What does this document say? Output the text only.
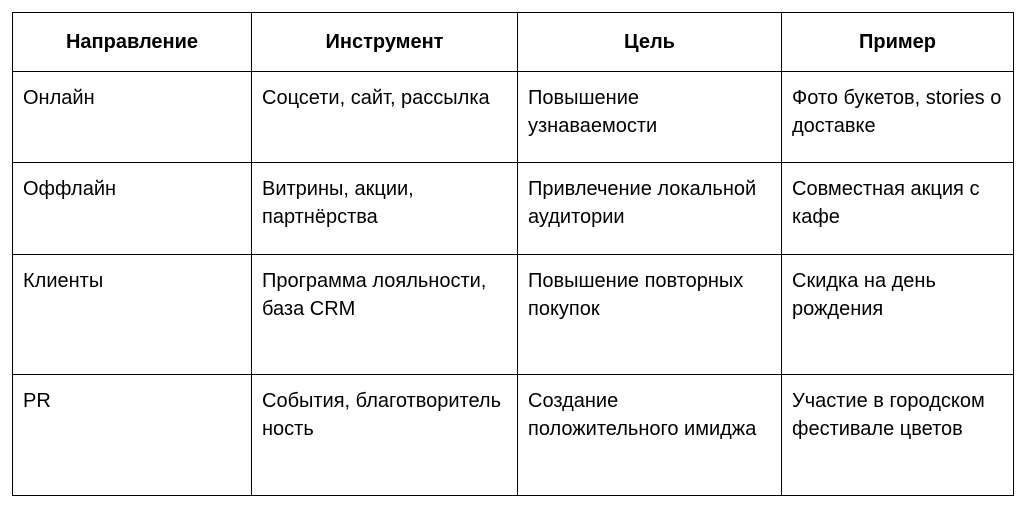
Направление	Инструмент	Цель	Пример
Онлайн	Соцсети, сайт, рассылка	Повышение узнаваемости	Фото букетов, stories о доставке
Оффлайн	Витрины, акции, партнёрства	Привлечение локальной аудитории	Совместная акция с кафе
Клиенты	Программа лояльности, база CRM	Повышение повторных покупок	Скидка на день рождения
PR	События, благотворительность	Создание положительного имиджа	Участие в городском фестивале цветов
